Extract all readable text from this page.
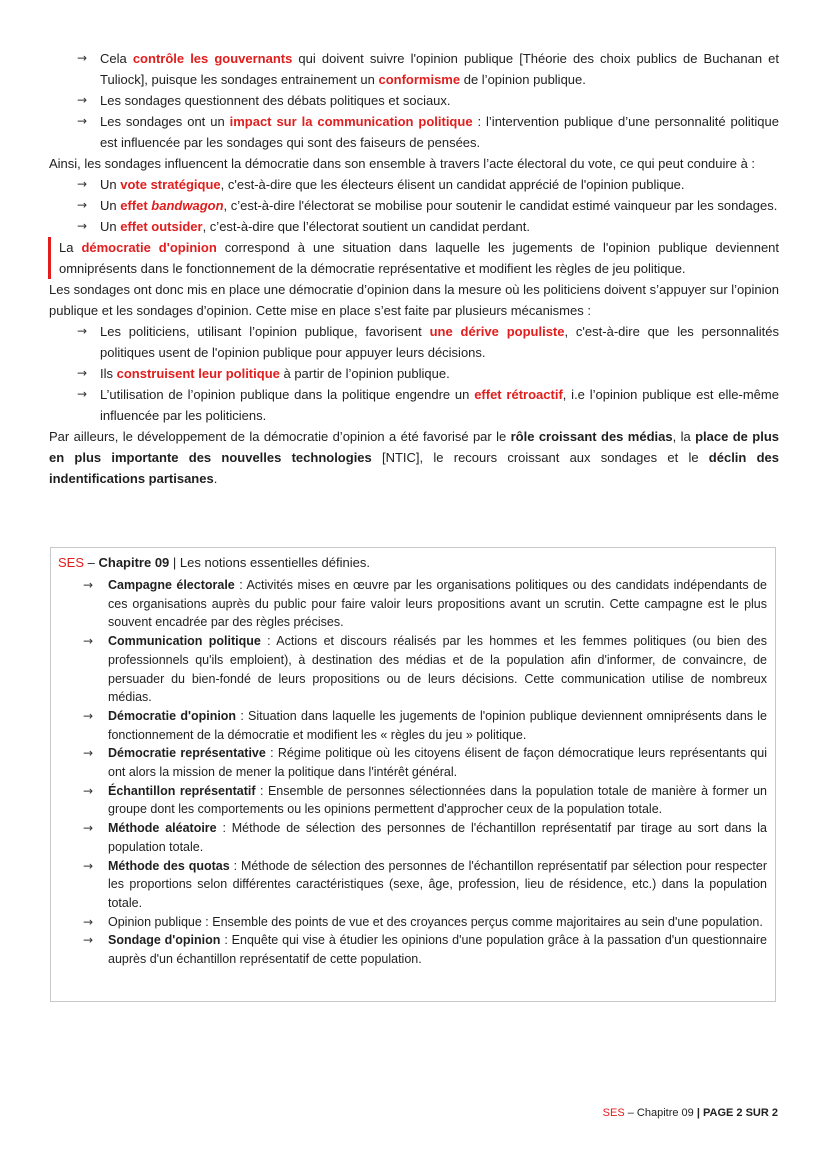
→ Cela contrôle les gouvernants qui doivent suivre l'opinion publique [Théorie des choix publics de Buchanan et Tuliock], puisque les sondages entrainement un conformisme de l’opinion publique.
→ Les sondages questionnent des débats politiques et sociaux.
→ Les sondages ont un impact sur la communication politique : l’intervention publique d’une personnalité politique est influencée par les sondages qui sont des faiseurs de pensées.

Ainsi, les sondages influencent la démocratie dans son ensemble à travers l’acte électoral du vote, ce qui peut conduire à :

→ Un vote stratégique, c'est-à-dire que les électeurs élisent un candidat apprécié de l'opinion publique.
→ Un effet bandwagon, c’est-à-dire l'électorat se mobilise pour soutenir le candidat estimé vainqueur par les sondages.
→ Un effet outsider, c’est-à-dire que l’électorat soutient un candidat perdant.

La démocratie d'opinion correspond à une situation dans laquelle les jugements de l'opinion publique deviennent omniprésents dans le fonctionnement de la démocratie représentative et modifient les règles de jeu politique.

Les sondages ont donc mis en place une démocratie d’opinion dans la mesure où les politiciens doivent s’appuyer sur l’opinion publique et les sondages d’opinion. Cette mise en place s’est faite par plusieurs mécanismes :

→ Les politiciens, utilisant l’opinion publique, favorisent une dérive populiste, c'est-à-dire que les personnalités politiques usent de l'opinion publique pour appuyer leurs décisions.
→ Ils construisent leur politique à partir de l’opinion publique.
→ L’utilisation de l’opinion publique dans la politique engendre un effet rétroactif, i.e l’opinion publique est elle-même influencée par les politiciens.

Par ailleurs, le développement de la démocratie d’opinion a été favorisé par le rôle croissant des médias, la place de plus en plus importante des nouvelles technologies [NTIC], le recours croissant aux sondages et le déclin des indentifications partisanes.

SES – Chapitre 09 | Les notions essentielles définies.
→ Campagne électorale : Activités mises en œuvre par les organisations politiques ou des candidats indépendants de ces organisations auprès du public pour faire valoir leurs propositions avant un scrutin. Cette campagne est le plus souvent encadrée par des règles précises.
→ Communication politique : Actions et discours réalisés par les hommes et les femmes politiques (ou bien des professionnels qu'ils emploient), à destination des médias et de la population afin d'informer, de convaincre, de persuader du bien-fondé de leurs propositions ou de leurs décisions. Cette communication utilise de nombreux médias.
→ Démocratie d'opinion : Situation dans laquelle les jugements de l'opinion publique deviennent omniprésents dans le fonctionnement de la démocratie et modifient les « règles du jeu » politique.
→ Démocratie représentative : Régime politique où les citoyens élisent de façon démocratique leurs représentants qui ont alors la mission de mener la politique dans l'intérêt général.
→ Échantillon représentatif : Ensemble de personnes sélectionnées dans la population totale de manière à former un groupe dont les comportements ou les opinions permettent d'approcher ceux de la population totale.
→ Méthode aléatoire : Méthode de sélection des personnes de l'échantillon représentatif par tirage au sort dans la population totale.
→ Méthode des quotas : Méthode de sélection des personnes de l'échantillon représentatif par sélection pour respecter les proportions selon différentes caractéristiques (sexe, âge, profession, lieu de résidence, etc.) dans la population totale.
→ Opinion publique : Ensemble des points de vue et des croyances perçus comme majoritaires au sein d'une population.
→ Sondage d'opinion : Enquête qui vise à étudier les opinions d'une population grâce à la passation d'un questionnaire auprès d'un échantillon représentatif de cette population.
SES – Chapitre 09 | PAGE 2 SUR 2
